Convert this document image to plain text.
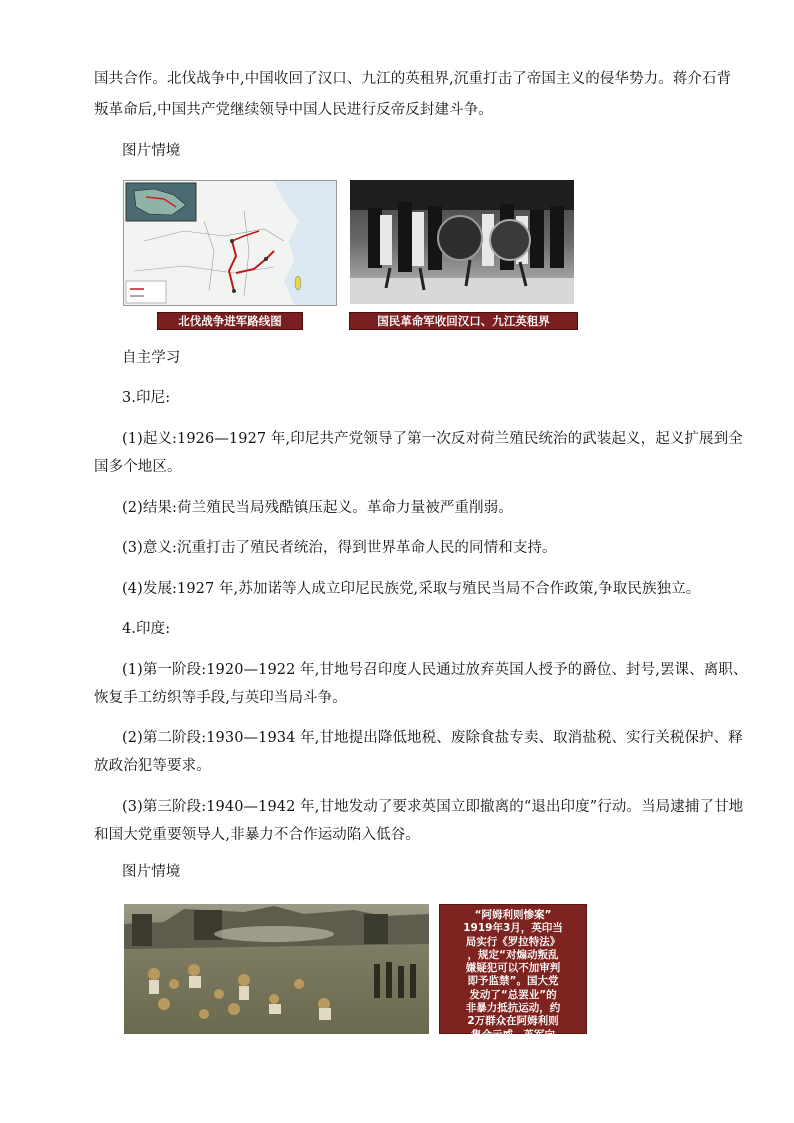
国共合作。北伐战争中,中国收回了汉口、九江的英租界,沉重打击了帝国主义的侵华势力。蒋介石背
叛革命后,中国共产党继续领导中国人民进行反帝反封建斗争。
图片情境
北伐战争进军路线图	国民革命军收回汉口、九江英租界
自主学习
3.印尼:
(1)起义:1926—1927 年,印尼共产党领导了第一次反对荷兰殖民统治的武装起义，起义扩展到全
国多个地区。
(2)结果:荷兰殖民当局残酷镇压起义。革命力量被严重削弱。
(3)意义:沉重打击了殖民者统治，得到世界革命人民的同情和支持。
(4)发展:1927 年,苏加诺等人成立印尼民族党,采取与殖民当局不合作政策,争取民族独立。
4.印度:
(1)第一阶段:1920—1922 年,甘地号召印度人民通过放弃英国人授予的爵位、封号,罢课、离职、
恢复手工纺织等手段,与英印当局斗争。
(2)第二阶段:1930—1934 年,甘地提出降低地税、废除食盐专卖、取消盐税、实行关税保护、释
放政治犯等要求。
(3)第三阶段:1940—1942 年,甘地发动了要求英国立即撤离的“退出印度”行动。当局逮捕了甘地
和国大党重要领导人,非暴力不合作运动陷入低谷。
图片情境
“阿姆利则惨案”
1919年3月，英印当
局实行《罗拉特法》
，规定“对煽动叛乱
嫌疑犯可以不加审判
即予监禁”。国大党
发动了“总罢业”的
非暴力抵抗运动，约
2万群众在阿姆利则
集会示威，英军向
群众开枪镇压，制造
了阿姆利则惨案。
